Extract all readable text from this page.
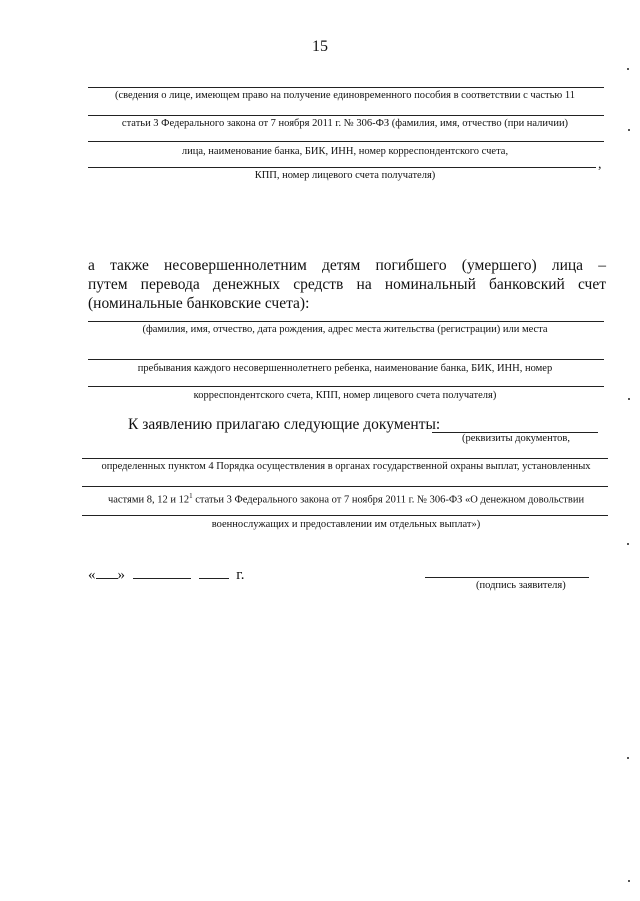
15
(сведения о лице, имеющем право на получение единовременного пособия в соответствии с частью 11
статьи 3 Федерального закона от 7 ноября 2011 г. № 306-ФЗ (фамилия, имя, отчество (при наличии)
лица, наименование банка, БИК, ИНН, номер корреспондентского счета,
,
КПП, номер лицевого счета получателя)
а также несовершеннолетним детям погибшего (умершего) лица –
путем перевода денежных средств на номинальный банковский счет
(номинальные банковские счета):
(фамилия, имя, отчество, дата рождения, адрес места жительства (регистрации) или места
пребывания каждого несовершеннолетнего ребенка, наименование банка, БИК, ИНН, номер
корреспондентского счета, КПП, номер лицевого счета получателя)
К заявлению прилагаю следующие документы:
(реквизиты документов,
определенных пунктом 4 Порядка осуществления в органах государственной охраны выплат, установленных
частями 8, 12 и $12^1$ статьи 3 Федерального закона от 7 ноября 2011 г. № 306-ФЗ «О денежном довольствии
военнослужащих и предоставлении им отдельных выплат»)
« »	г.
(подпись заявителя)
